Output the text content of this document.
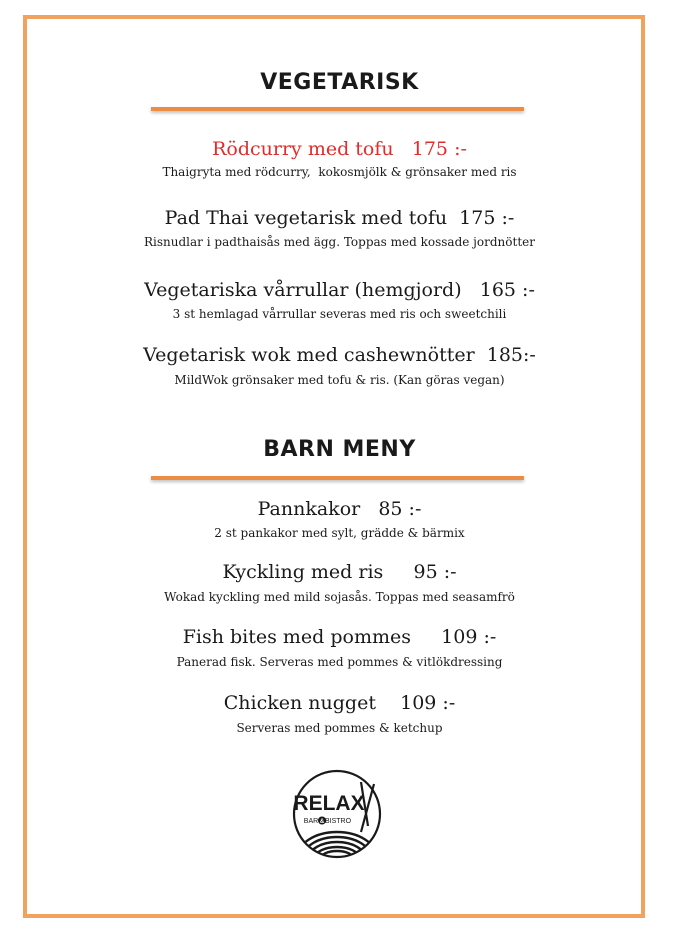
VEGETARISK
Rödcurry med tofu   175 :-
Thaigryta med rödcurry,  kokosmjölk & grönsaker med ris
Pad Thai vegetarisk med tofu  175 :-
Risnudlar i padthaisås med ägg. Toppas med kossade jordnötter
Vegetariska vårrullar (hemgjord)   165 :-
3 st hemlagad vårrullar severas med ris och sweetchili
Vegetarisk wok med cashewnötter  185:-
MildWok grönsaker med tofu & ris. (Kan göras vegan)
BARN MENY
Pannkakor   85 :-
2 st pankakor med sylt, grädde & bärmix
Kyckling med ris     95 :-
Wokad kyckling med mild sojasås. Toppas med seasamfrö
Fish bites med pommes     109 :-
Panerad fisk. Serveras med pommes & vitlökdressing
Chicken nugget    109 :-
Serveras med pommes & ketchup
RELAX
BAR & BISTRO
